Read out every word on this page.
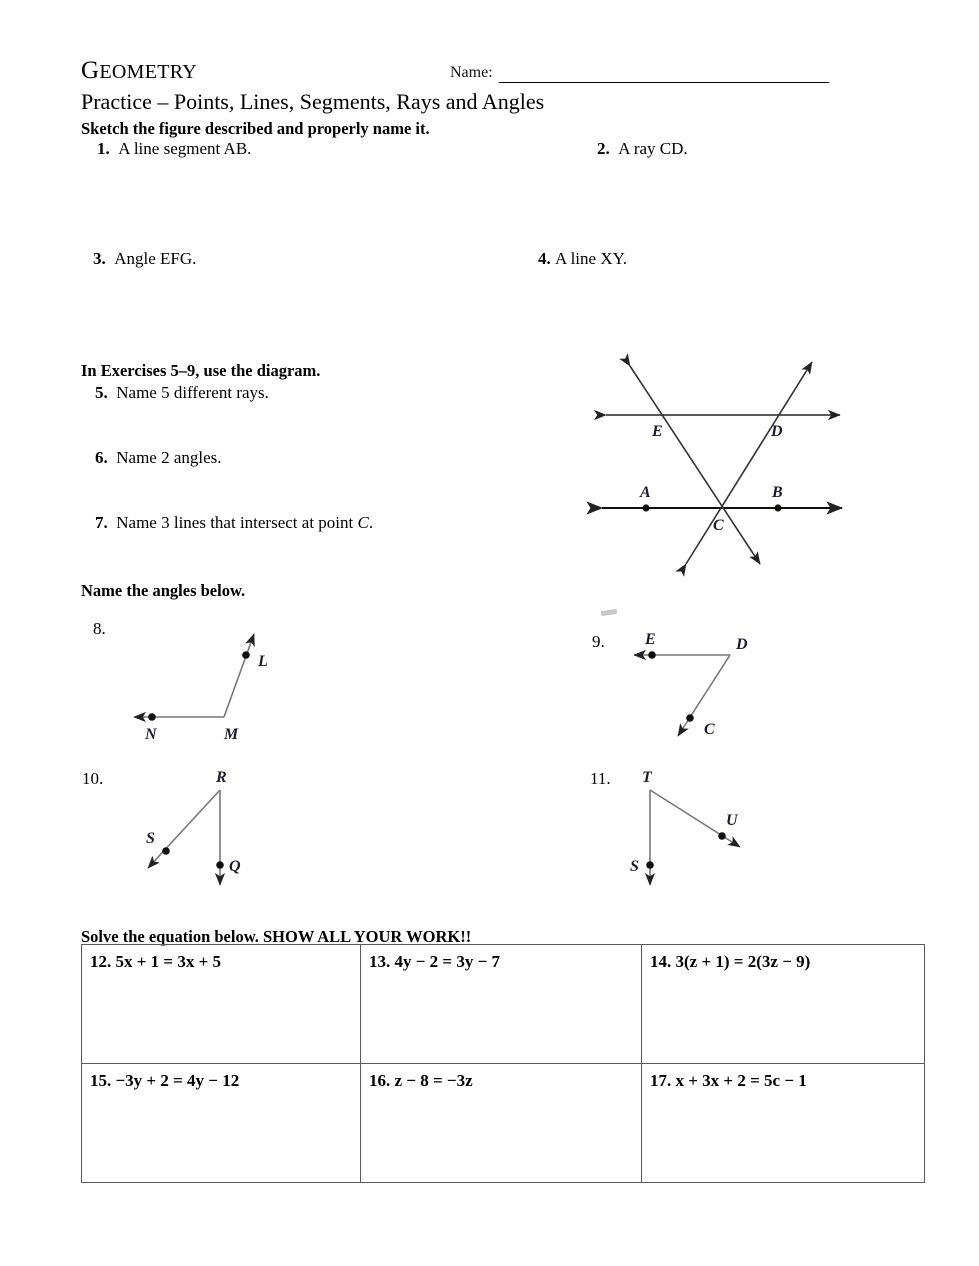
GEOMETRY	Name:
Practice – Points, Lines, Segments, Rays and Angles
Sketch the figure described and properly name it.
1. A line segment AB.	2. A ray CD.
3. Angle EFG.	4. A line XY.
In Exercises 5–9, use the diagram.
5. Name 5 different rays.
6. Name 2 angles.
7. Name 3 lines that intersect at point C.
E	D
A	B
C
Name the angles below.
8.
9.
10.	11.
L
N	M
E	D
C
R
S
Q
T
U
S
Solve the equation below. SHOW ALL YOUR WORK!!
12. 5x + 1 = 3x + 5	13. 4y − 2 = 3y − 7	14. 3(z + 1) = 2(3z − 9)
15. −3y + 2 = 4y − 12	16. z − 8 = −3z	17. x + 3x + 2 = 5c − 1
